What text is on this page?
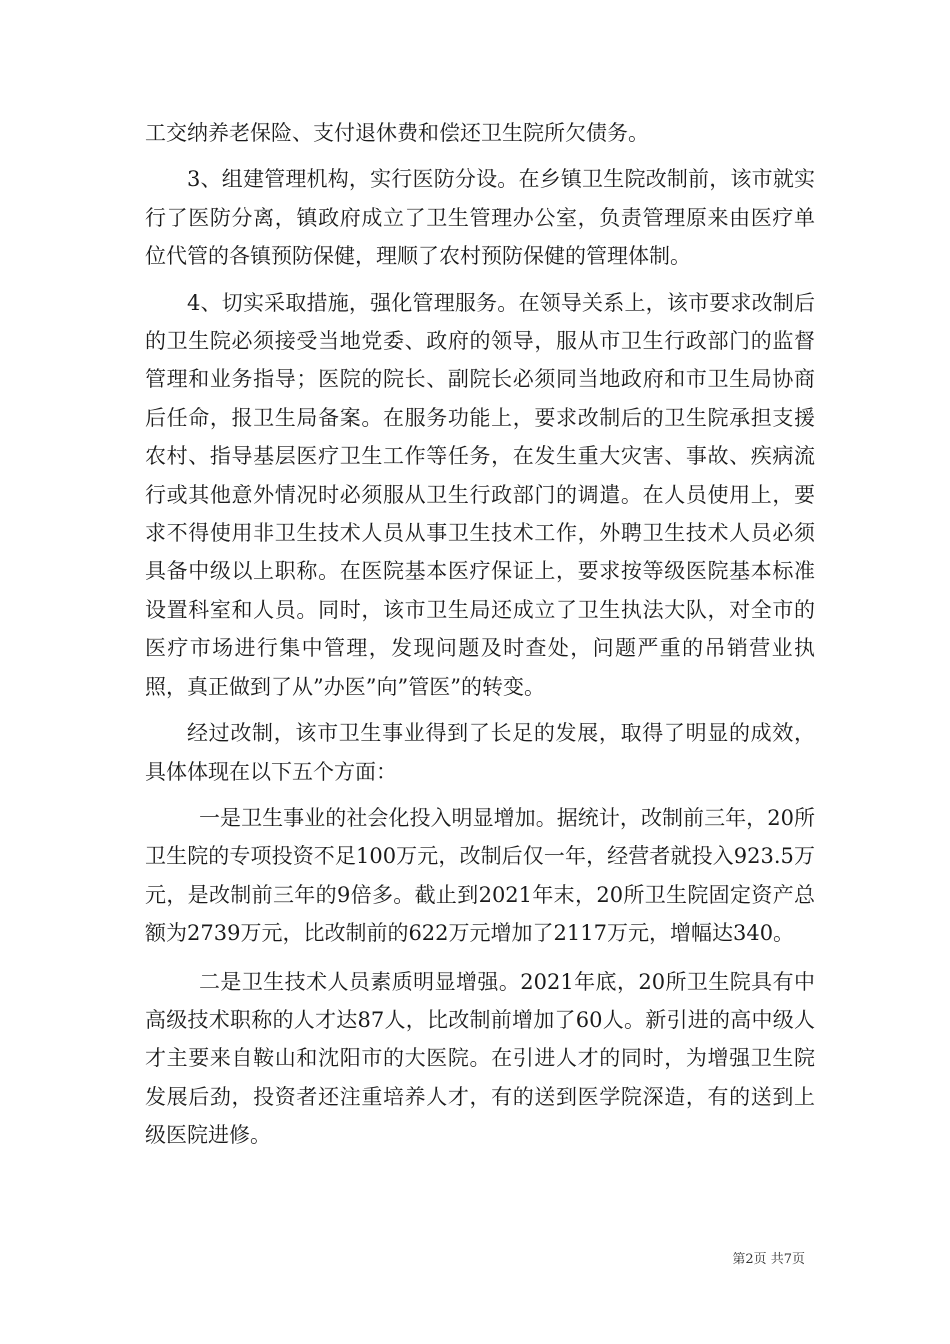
工交纳养老保险、支付退休费和偿还卫生院所欠债务。

3、组建管理机构，实行医防分设。在乡镇卫生院改制前，该市就实行了医防分离，镇政府成立了卫生管理办公室，负责管理原来由医疗单位代管的各镇预防保健，理顺了农村预防保健的管理体制。

4、切实采取措施，强化管理服务。在领导关系上，该市要求改制后的卫生院必须接受当地党委、政府的领导，服从市卫生行政部门的监督管理和业务指导；医院的院长、副院长必须同当地政府和市卫生局协商后任命，报卫生局备案。在服务功能上，要求改制后的卫生院承担支援农村、指导基层医疗卫生工作等任务，在发生重大灾害、事故、疾病流行或其他意外情况时必须服从卫生行政部门的调遣。在人员使用上，要求不得使用非卫生技术人员从事卫生技术工作，外聘卫生技术人员必须具备中级以上职称。在医院基本医疗保证上，要求按等级医院基本标准设置科室和人员。同时，该市卫生局还成立了卫生执法大队，对全市的医疗市场进行集中管理，发现问题及时查处，问题严重的吊销营业执照，真正做到了从”办医”向”管医”的转变。

经过改制，该市卫生事业得到了长足的发展，取得了明显的成效，具体体现在以下五个方面：

一是卫生事业的社会化投入明显增加。据统计，改制前三年，20所卫生院的专项投资不足100万元，改制后仅一年，经营者就投入923.5万元，是改制前三年的9倍多。截止到2021年末，20所卫生院固定资产总额为2739万元，比改制前的622万元增加了2117万元，增幅达340。

二是卫生技术人员素质明显增强。2021年底，20所卫生院具有中高级技术职称的人才达87人，比改制前增加了60人。新引进的高中级人才主要来自鞍山和沈阳市的大医院。在引进人才的同时，为增强卫生院发展后劲，投资者还注重培养人才，有的送到医学院深造，有的送到上级医院进修。

第2页 共7页
